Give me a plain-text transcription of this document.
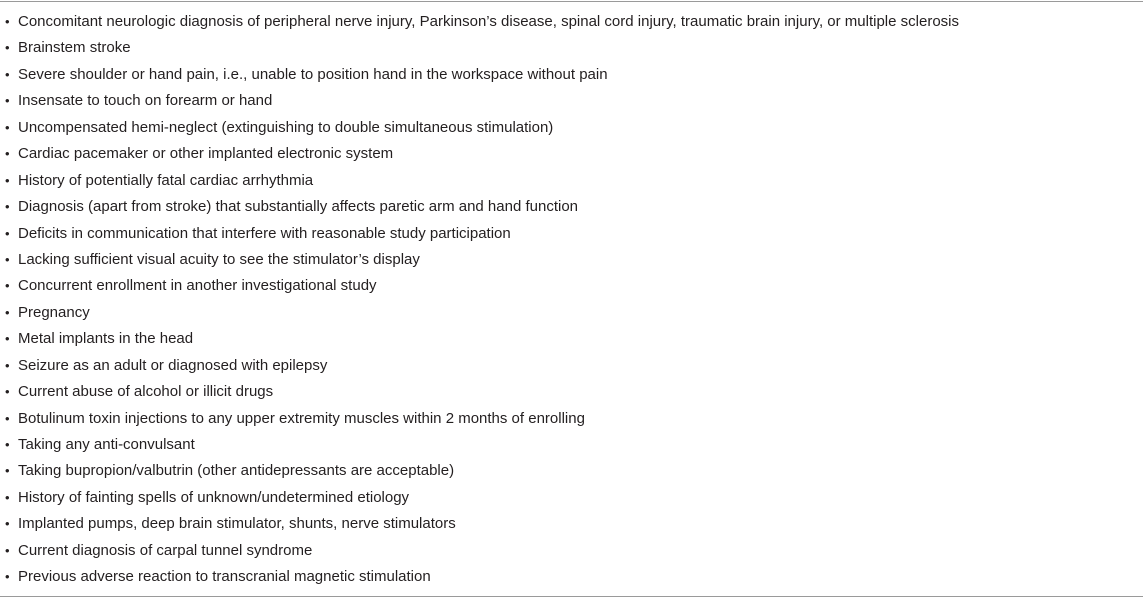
• Concomitant neurologic diagnosis of peripheral nerve injury, Parkinson’s disease, spinal cord injury, traumatic brain injury, or multiple sclerosis
• Brainstem stroke
• Severe shoulder or hand pain, i.e., unable to position hand in the workspace without pain
• Insensate to touch on forearm or hand
• Uncompensated hemi-neglect (extinguishing to double simultaneous stimulation)
• Cardiac pacemaker or other implanted electronic system
• History of potentially fatal cardiac arrhythmia
• Diagnosis (apart from stroke) that substantially affects paretic arm and hand function
• Deficits in communication that interfere with reasonable study participation
• Lacking sufficient visual acuity to see the stimulator’s display
• Concurrent enrollment in another investigational study
• Pregnancy
• Metal implants in the head
• Seizure as an adult or diagnosed with epilepsy
• Current abuse of alcohol or illicit drugs
• Botulinum toxin injections to any upper extremity muscles within 2 months of enrolling
• Taking any anti-convulsant
• Taking bupropion/valbutrin (other antidepressants are acceptable)
• History of fainting spells of unknown/undetermined etiology
• Implanted pumps, deep brain stimulator, shunts, nerve stimulators
• Current diagnosis of carpal tunnel syndrome
• Previous adverse reaction to transcranial magnetic stimulation
